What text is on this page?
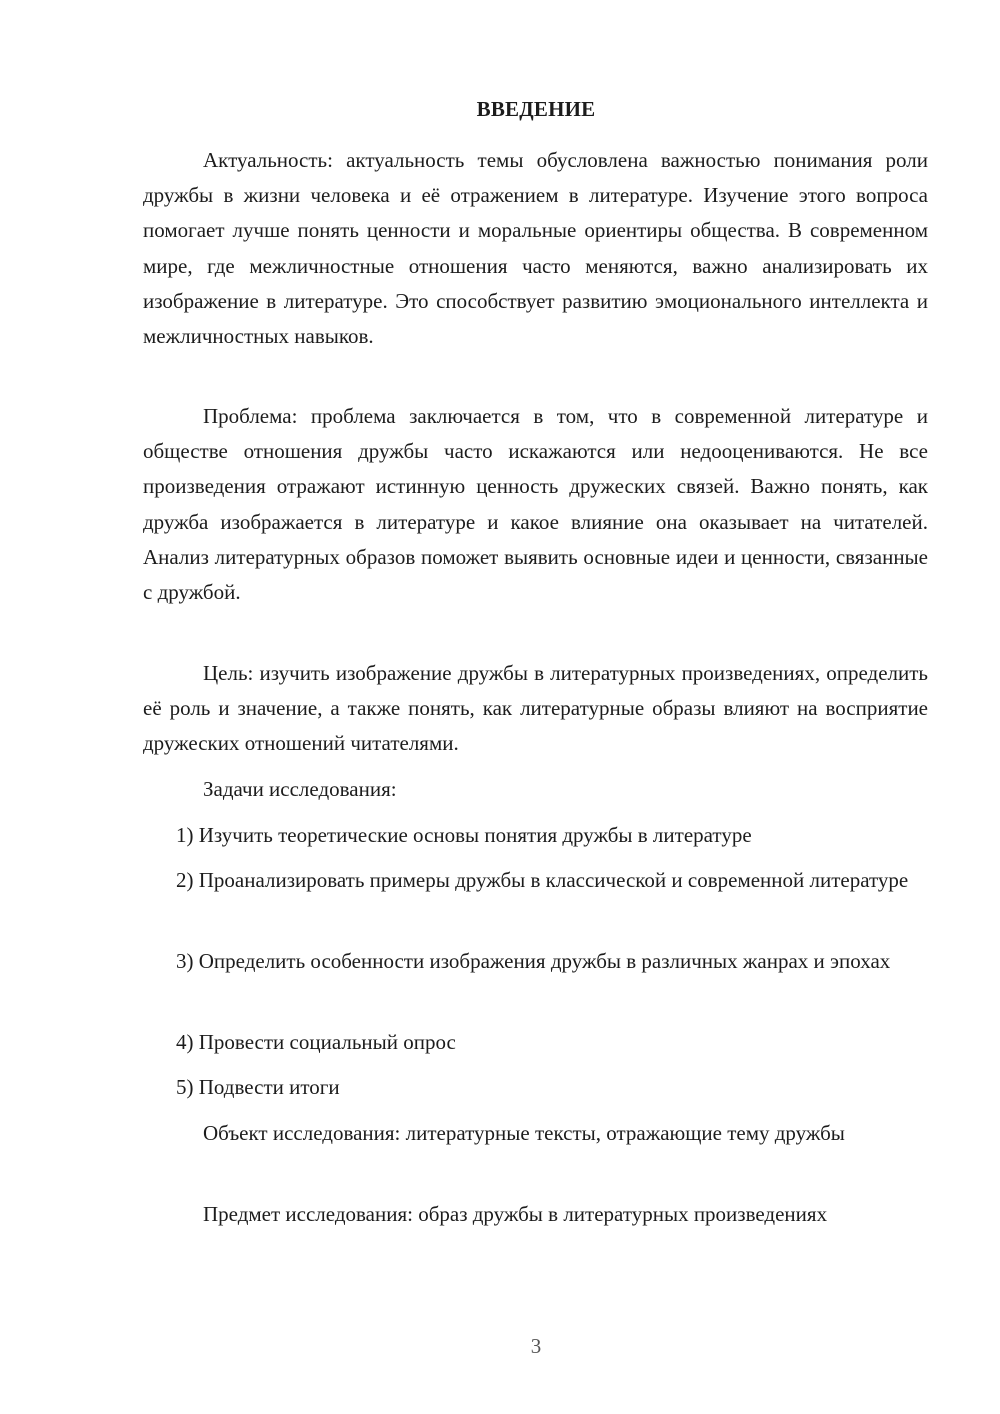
ВВЕДЕНИЕ
Актуальность: актуальность темы обусловлена важностью понимания роли дружбы в жизни человека и её отражением в литературе. Изучение этого вопроса помогает лучше понять ценности и моральные ориентиры общества. В современном мире, где межличностные отношения часто меняются, важно анализировать их изображение в литературе. Это способствует развитию эмоционального интеллекта и межличностных навыков.
Проблема: проблема заключается в том, что в современной литературе и обществе отношения дружбы часто искажаются или недооцениваются. Не все произведения отражают истинную ценность дружеских связей. Важно понять, как дружба изображается в литературе и какое влияние она оказывает на читателей. Анализ литературных образов поможет выявить основные идеи и ценности, связанные с дружбой.
Цель: изучить изображение дружбы в литературных произведениях, определить её роль и значение, а также понять, как литературные образы влияют на восприятие дружеских отношений читателями.
Задачи исследования:
1) Изучить теоретические основы понятия дружбы в литературе
2) Проанализировать примеры дружбы в классической и современной литературе
3) Определить особенности изображения дружбы в различных жанрах и эпохах
4) Провести социальный опрос
5) Подвести итоги
Объект исследования: литературные тексты, отражающие тему дружбы
Предмет исследования: образ дружбы в литературных произведениях
3
